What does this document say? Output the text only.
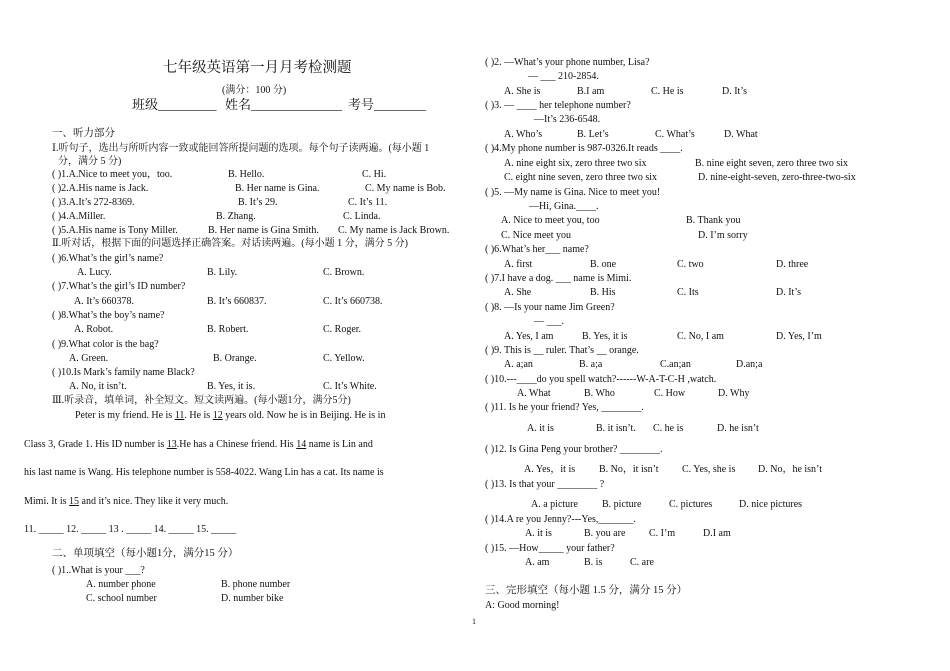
七年级英语第一月月考检测题
(满分：100 分)
班级_________ 姓名______________ 考号________
一、听力部分
Ⅰ.听句子，选出与所听内容一致或能回答所提问题的选项。每个句子读两遍。(每小题 1
分，满分 5 分)
( )1.A.Nice to meet you，too.	B. Hello.	C. Hi.
( )2.A.His name is Jack.	B. Her name is Gina.	C. My name is Bob.
( )3.A.It’s 272-8369.	B. It’s 29.	C. It’s 11.
( )4.A.Miller.	B. Zhang.	C. Linda.
( )5.A.His name is Tony Miller.	B. Her name is Gina Smith. C. My name is Jack Brown.
Ⅱ.听对话，根据下面的问题选择正确答案。对话读两遍。(每小题 1 分，满分 5 分)
( )6.What’s the girl’s name?
A. Lucy.	B. Lily.	C. Brown.
( )7.What’s the girl’s ID number?
A. It’s 660378.	B. It’s 660837.	C. It’s 660738.
( )8.What’s the boy’s name?
A. Robot.	B. Robert.	C. Roger.
( )9.What color is the bag?
A. Green.	B. Orange.	C. Yellow.
( )10.Is Mark’s family name Black?
A. No, it isn’t.	B. Yes, it is.	C. It’s White.
Ⅲ.听录音，填单词，补全短文。短文读两遍。(每小题1分，满分5分)
Peter is my friend. He is 11. He is 12 years old. Now he is in Beijing. He is in
Class 3, Grade 1. His ID number is 13.He has a Chinese friend. His 14 name is Lin and
his last name is Wang. His telephone number is 558-4022. Wang Lin has a cat. Its name is
Mimi. It is 15 and it’s nice. They like it very much.
11. _____ 12. _____ 13 . _____ 14. _____ 15. _____
二、单项填空（每小题1分，满分15 分）
( )1..What is your ___?
A. number phone	B. phone number
C. school number	D. number bike
( )2. —What’s your phone number, Lisa?
— ___ 210-2854.
A. She is	B.I am	C. He is	D. It’s
( )3. — ____ her telephone number?
—It’s 236-6548.
A. Who’s	B. Let’s	C. What’s	D. What
( )4.My phone number is 987-0326.It reads ____.
A. nine eight six, zero three two six	B. nine eight seven, zero three two six
C. eight nine seven, zero three two six	D. nine-eight-seven, zero-three-two-six
( )5. —My name is Gina. Nice to meet you!
—Hi, Gina.____.
A. Nice to meet you, too	B. Thank you
C. Nice meet you	D. I’m sorry
( )6.What’s her___ name?
A. first	B. one	C. two	D. three
( )7.I have a dog. ___ name is Mimi.
A. She	B. His	C. Its	D. It’s
( )8. —Is your name Jim Green?
— ___.
A. Yes, I am	B. Yes, it is	C. No, I am	D. Yes, I’m
( )9. This is __ ruler. That’s __ orange.
A. a;an	B. a;a	C.an;an	D.an;a
( )10.---____do you spell watch?------W-A-T-C-H ,watch.
A. What	B. Who	C. How	D. Why
( )11. Is he your friend? Yes, ________.
A. it is	B. it isn’t. C. he is	D. he isn’t
( )12. Is Gina Peng your brother? ________.
A. Yes，it is B. No，it isn’t C. Yes, she is D. No，he isn’t
( )13. Is that your ________ ?
A. a picture B. picture	C. pictures	D. nice pictures
( )14.A re you Jenny?---Yes,_______.
A. it is	B. you are C. I’m	D.I am
( )15. —How_____ your father?
A. am	B. is	C. are
三、完形填空（每小题 1.5 分，满分 15 分）
A: Good morning!
1
